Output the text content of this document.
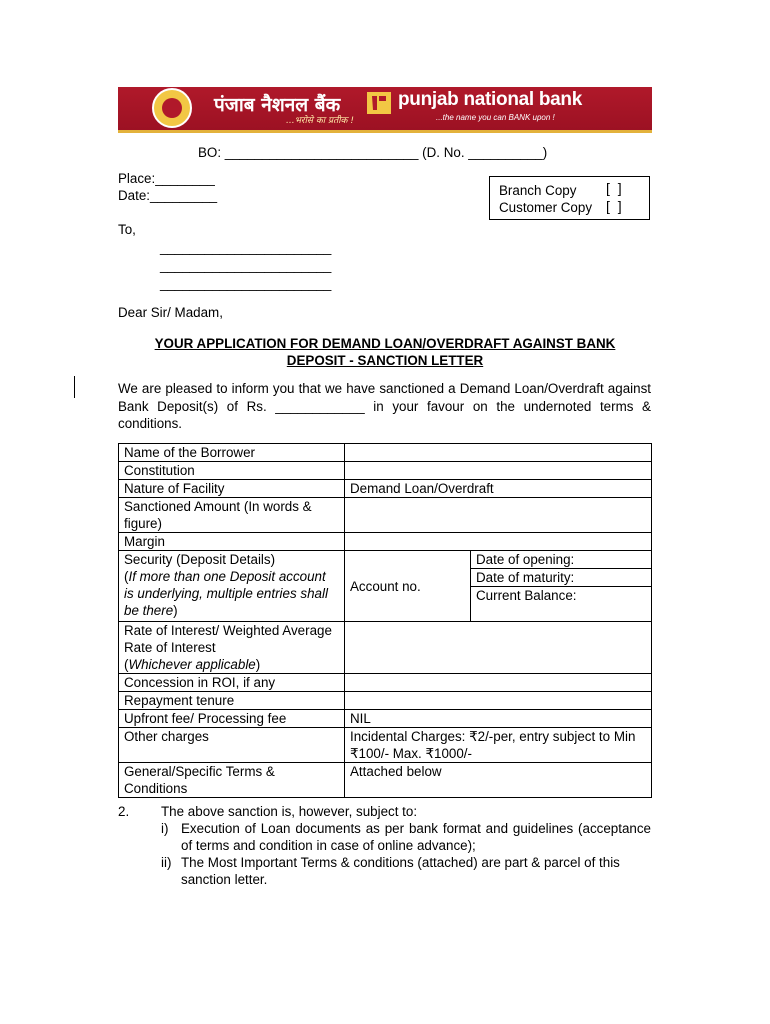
पंजाब नैशनल बैंक
...भरोसे का प्रतीक !
punjab national bank
...the name you can BANK upon !
BO: __________________________ (D. No. __________)
Place:________
Date:_________	Branch Copy [ ]
Customer Copy [ ]
To,
_______________________
_______________________
_______________________
Dear Sir/ Madam,
YOUR APPLICATION FOR DEMAND LOAN/OVERDRAFT AGAINST BANK
DEPOSIT - SANCTION LETTER
We are pleased to inform you that we have sanctioned a Demand Loan/Overdraft against Bank Deposit(s) of Rs. ____________ in your favour on the undernoted terms & conditions.
Name of the Borrower	
Constitution	
Nature of Facility	Demand Loan/Overdraft
Sanctioned Amount (In words & figure)	
Margin	

Security (Deposit Details)
(If more than one Deposit account is underlying, multiple entries shall be there)

Account no.	Date of opening:
Date of maturity:
Current Balance:

Rate of Interest/ Weighted Average Rate of Interest
(Whichever applicable)

Concession in ROI, if any	
Repayment tenure	
Upfront fee/ Processing fee	NIL
Other charges	Incidental Charges: ₹2/-per, entry subject to Min ₹100/- Max. ₹1000/-
General/Specific Terms & Conditions	Attached below
2. The above sanction is, however, subject to:
i) Execution of Loan documents as per bank format and guidelines (acceptance of terms and condition in case of online advance);
ii) The Most Important Terms & conditions (attached) are part & parcel of this sanction letter.
